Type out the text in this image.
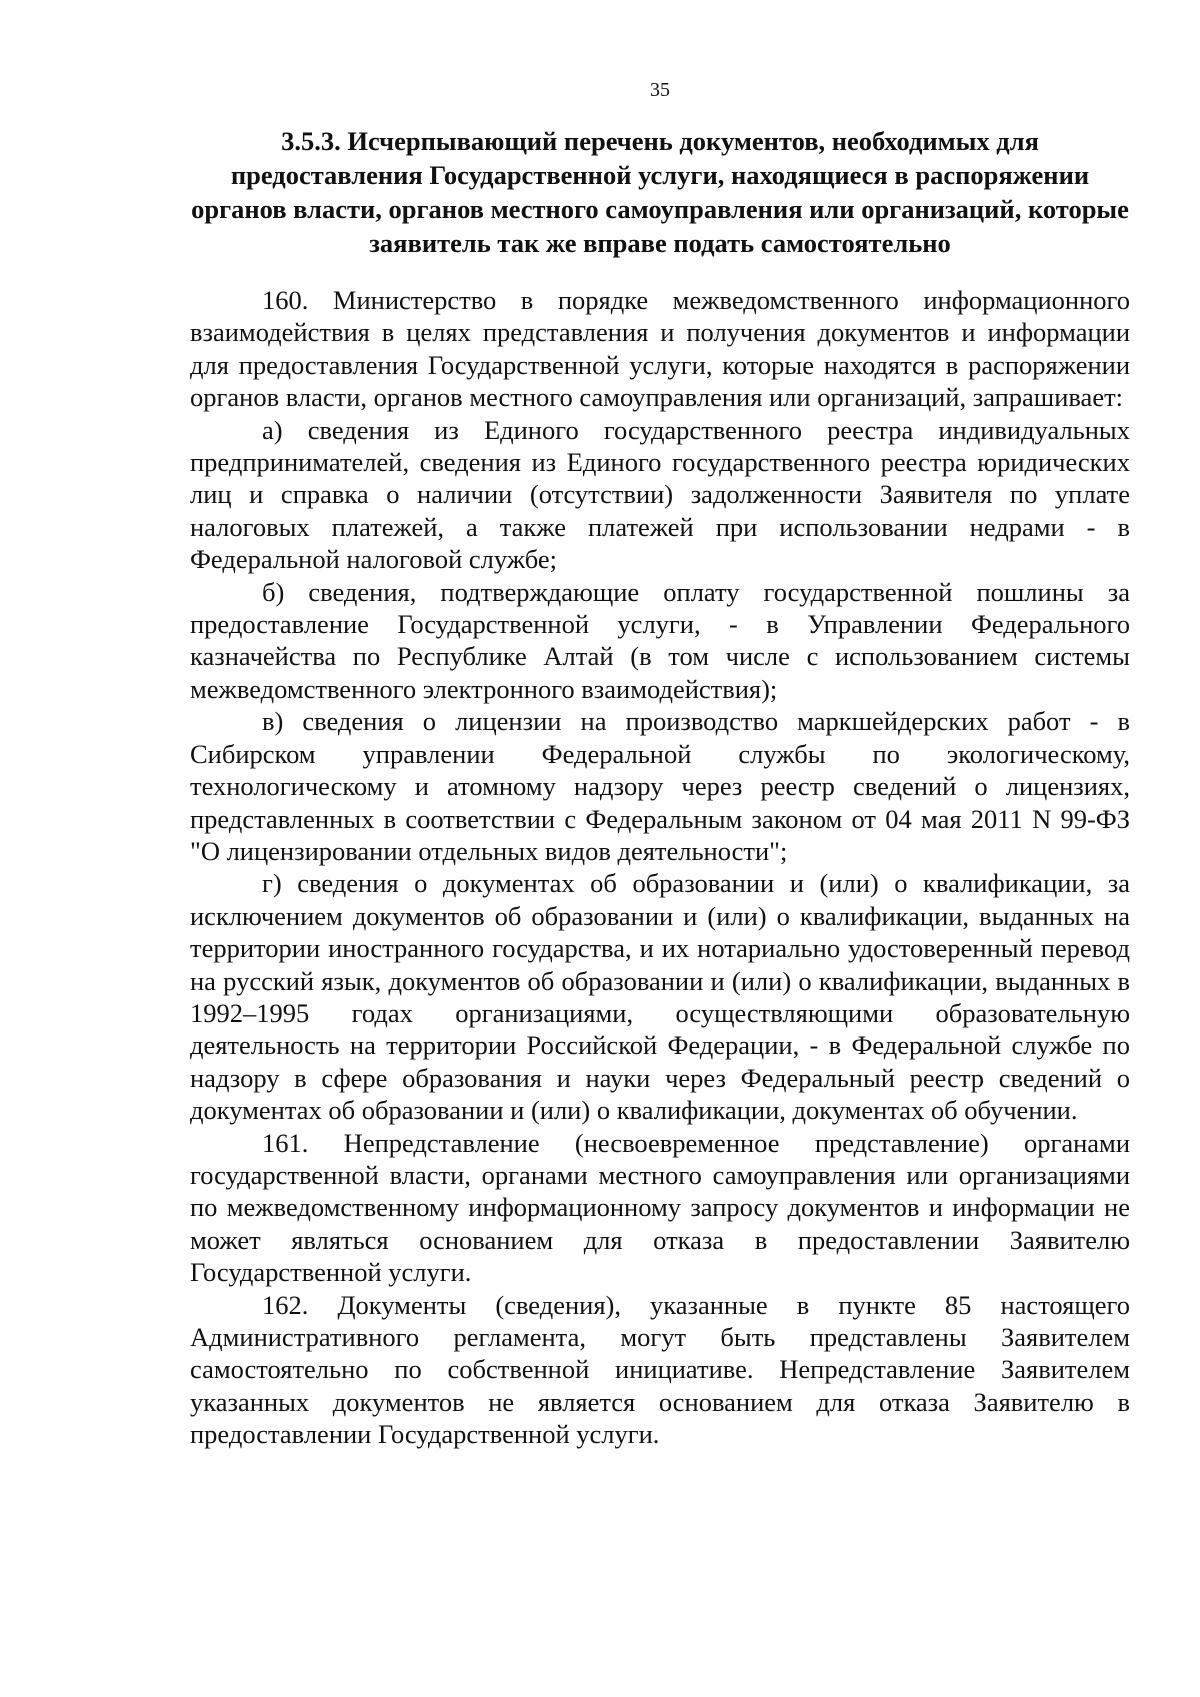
35
3.5.3. Исчерпывающий перечень документов, необходимых для предоставления Государственной услуги, находящиеся в распоряжении органов власти, органов местного самоуправления или организаций, которые заявитель так же вправе подать самостоятельно

160. Министерство в порядке межведомственного информационного взаимодействия в целях представления и получения документов и информации для предоставления Государственной услуги, которые находятся в распоряжении органов власти, органов местного самоуправления или организаций, запрашивает:

а) сведения из Единого государственного реестра индивидуальных предпринимателей, сведения из Единого государственного реестра юридических лиц и справка о наличии (отсутствии) задолженности Заявителя по уплате налоговых платежей, а также платежей при использовании недрами - в Федеральной налоговой службе;

б) сведения, подтверждающие оплату государственной пошлины за предоставление Государственной услуги, - в Управлении Федерального казначейства по Республике Алтай (в том числе с использованием системы межведомственного электронного взаимодействия);

в) сведения о лицензии на производство маркшейдерских работ - в Сибирском управлении Федеральной службы по экологическому, технологическому и атомному надзору через реестр сведений о лицензиях, представленных в соответствии с Федеральным законом от 04 мая 2011 N 99-ФЗ "О лицензировании отдельных видов деятельности";

г) сведения о документах об образовании и (или) о квалификации, за исключением документов об образовании и (или) о квалификации, выданных на территории иностранного государства, и их нотариально удостоверенный перевод на русский язык, документов об образовании и (или) о квалификации, выданных в 1992–1995 годах организациями, осуществляющими образовательную деятельность на территории Российской Федерации, - в Федеральной службе по надзору в сфере образования и науки через Федеральный реестр сведений о документах об образовании и (или) о квалификации, документах об обучении.

161. Непредставление (несвоевременное представление) органами государственной власти, органами местного самоуправления или организациями по межведомственному информационному запросу документов и информации не может являться основанием для отказа в предоставлении Заявителю Государственной услуги.

162. Документы (сведения), указанные в пункте 85 настоящего Административного регламента, могут быть представлены Заявителем самостоятельно по собственной инициативе. Непредставление Заявителем указанных документов не является основанием для отказа Заявителю в предоставлении Государственной услуги.
